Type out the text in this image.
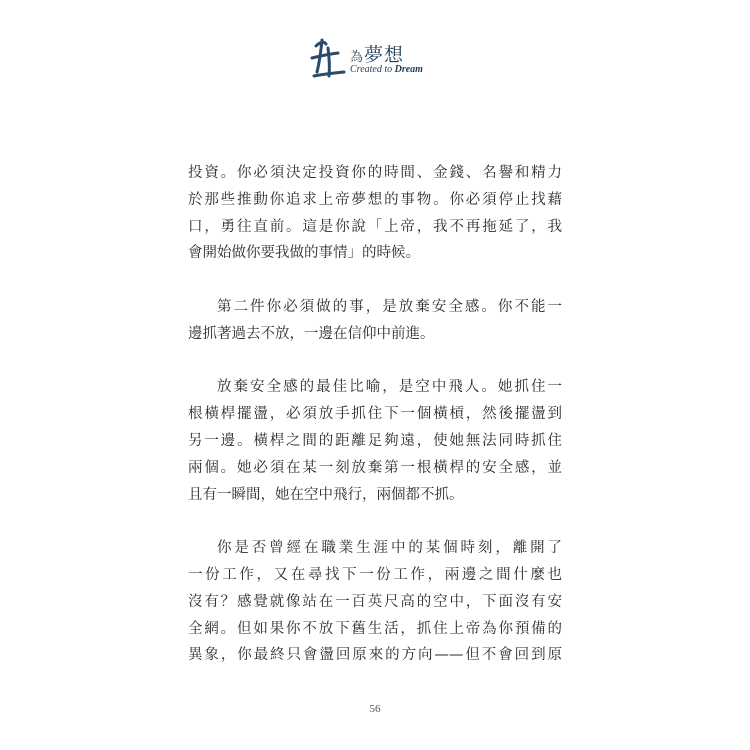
為 夢想
Created to Dream
投資。你必須決定投資你的時間、金錢、名譽和精力
於那些推動你追求上帝夢想的事物。你必須停止找藉
口，勇往直前。這是你說「上帝，我不再拖延了，我
會開始做你要我做的事情」的時候。
第二件你必須做的事，是放棄安全感。你不能一
邊抓著過去不放，一邊在信仰中前進。
放棄安全感的最佳比喻，是空中飛人。她抓住一
根橫桿擺盪，必須放手抓住下一個橫槓，然後擺盪到
另一邊。橫桿之間的距離足夠遠，使她無法同時抓住
兩個。她必須在某一刻放棄第一根橫桿的安全感，並
且有一瞬間，她在空中飛行，兩個都不抓。
你是否曾經在職業生涯中的某個時刻，離開了
一份工作，又在尋找下一份工作，兩邊之間什麼也
沒有？感覺就像站在一百英尺高的空中，下面沒有安
全網。但如果你不放下舊生活，抓住上帝為你預備的
異象，你最終只會盪回原來的方向——但不會回到原
56
